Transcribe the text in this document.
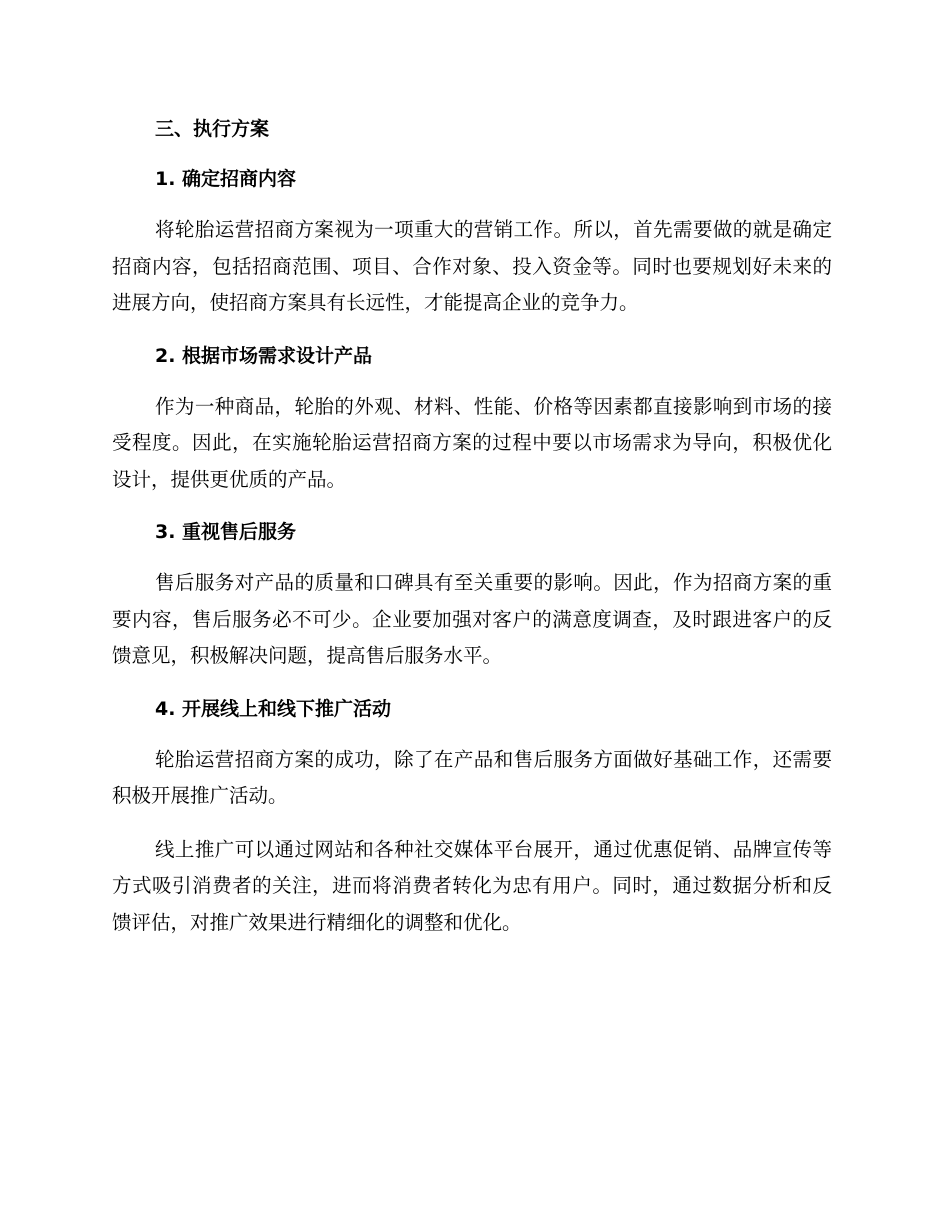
三、执行方案

1. 确定招商内容

将轮胎运营招商方案视为一项重大的营销工作。所以，首先需要做的就是确定招商内容，包括招商范围、项目、合作对象、投入资金等。同时也要规划好未来的进展方向，使招商方案具有长远性，才能提高企业的竞争力。

2. 根据市场需求设计产品

作为一种商品，轮胎的外观、材料、性能、价格等因素都直接影响到市场的接受程度。因此，在实施轮胎运营招商方案的过程中要以市场需求为导向，积极优化设计，提供更优质的产品。

3. 重视售后服务

售后服务对产品的质量和口碑具有至关重要的影响。因此，作为招商方案的重要内容，售后服务必不可少。企业要加强对客户的满意度调查，及时跟进客户的反馈意见，积极解决问题，提高售后服务水平。

4. 开展线上和线下推广活动

轮胎运营招商方案的成功，除了在产品和售后服务方面做好基础工作，还需要积极开展推广活动。

线上推广可以通过网站和各种社交媒体平台展开，通过优惠促销、品牌宣传等方式吸引消费者的关注，进而将消费者转化为忠有用户。同时，通过数据分析和反馈评估，对推广效果进行精细化的调整和优化。
